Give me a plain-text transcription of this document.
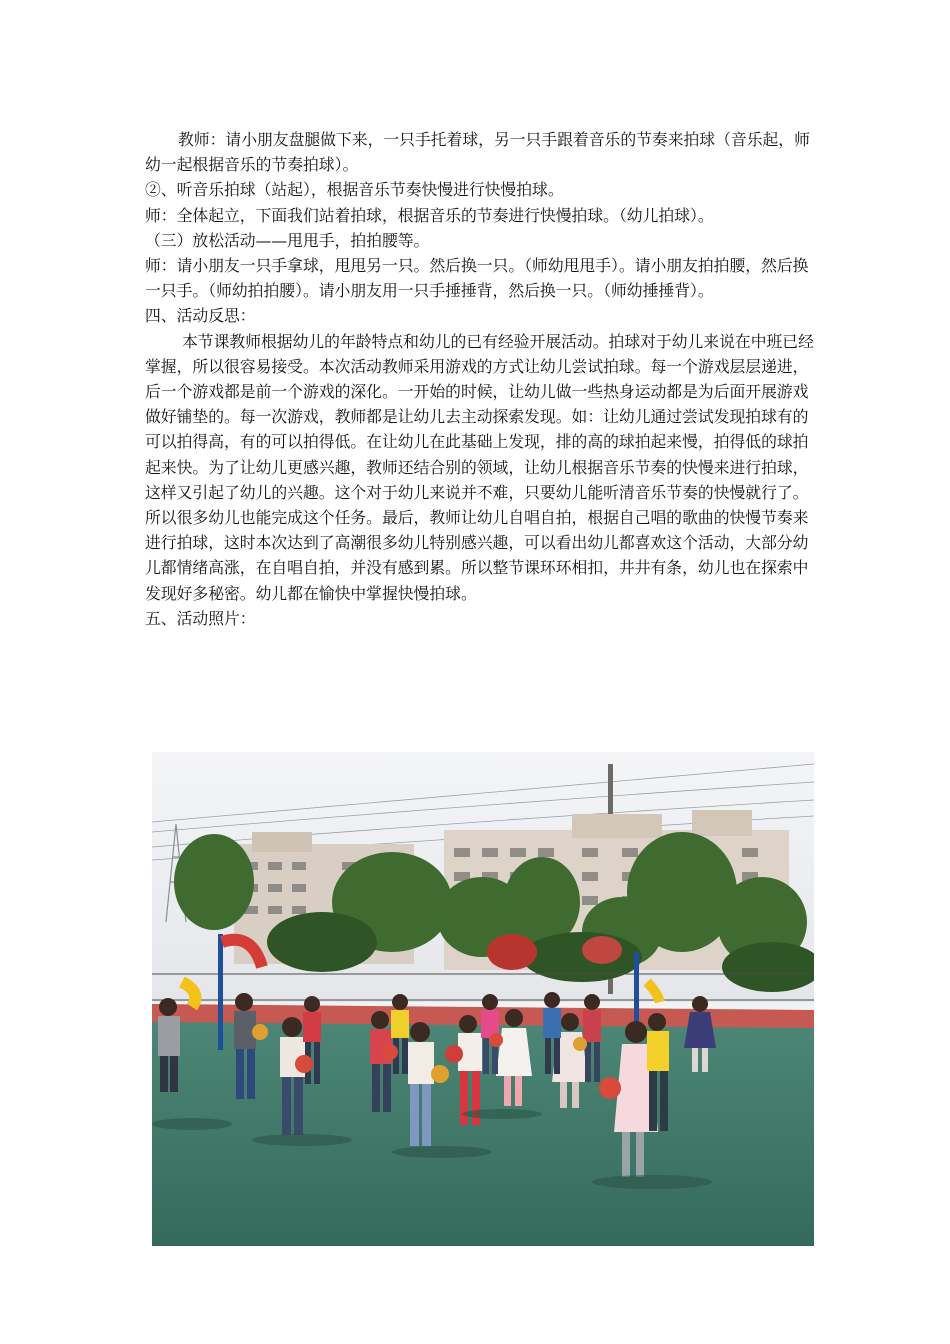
教师：请小朋友盘腿做下来，一只手托着球，另一只手跟着音乐的节奏来拍球（音乐起，师幼一起根据音乐的节奏拍球）。

②、听音乐拍球（站起），根据音乐节奏快慢进行快慢拍球。

师：全体起立，下面我们站着拍球，根据音乐的节奏进行快慢拍球。（幼儿拍球）。

（三）放松活动——甩甩手，拍拍腰等。

师：请小朋友一只手拿球，甩甩另一只。然后换一只。（师幼甩甩手）。请小朋友拍拍腰，然后换一只手。（师幼拍拍腰）。请小朋友用一只手捶捶背，然后换一只。（师幼捶捶背）。

四、活动反思：

本节课教师根据幼儿的年龄特点和幼儿的已有经验开展活动。拍球对于幼儿来说在中班已经掌握，所以很容易接受。本次活动教师采用游戏的方式让幼儿尝试拍球。每一个游戏层层递进，后一个游戏都是前一个游戏的深化。一开始的时候，让幼儿做一些热身运动都是为后面开展游戏做好铺垫的。每一次游戏，教师都是让幼儿去主动探索发现。如：让幼儿通过尝试发现拍球有的可以拍得高，有的可以拍得低。在让幼儿在此基础上发现，排的高的球拍起来慢，拍得低的球拍起来快。为了让幼儿更感兴趣，教师还结合别的领域，让幼儿根据音乐节奏的快慢来进行拍球，这样又引起了幼儿的兴趣。这个对于幼儿来说并不难，只要幼儿能听清音乐节奏的快慢就行了。所以很多幼儿也能完成这个任务。最后，教师让幼儿自唱自拍，根据自己唱的歌曲的快慢节奏来进行拍球，这时本次达到了高潮很多幼儿特别感兴趣，可以看出幼儿都喜欢这个活动，大部分幼儿都情绪高涨，在自唱自拍，并没有感到累。所以整节课环环相扣，井井有条，幼儿也在探索中发现好多秘密。幼儿都在愉快中掌握快慢拍球。

五、活动照片：
